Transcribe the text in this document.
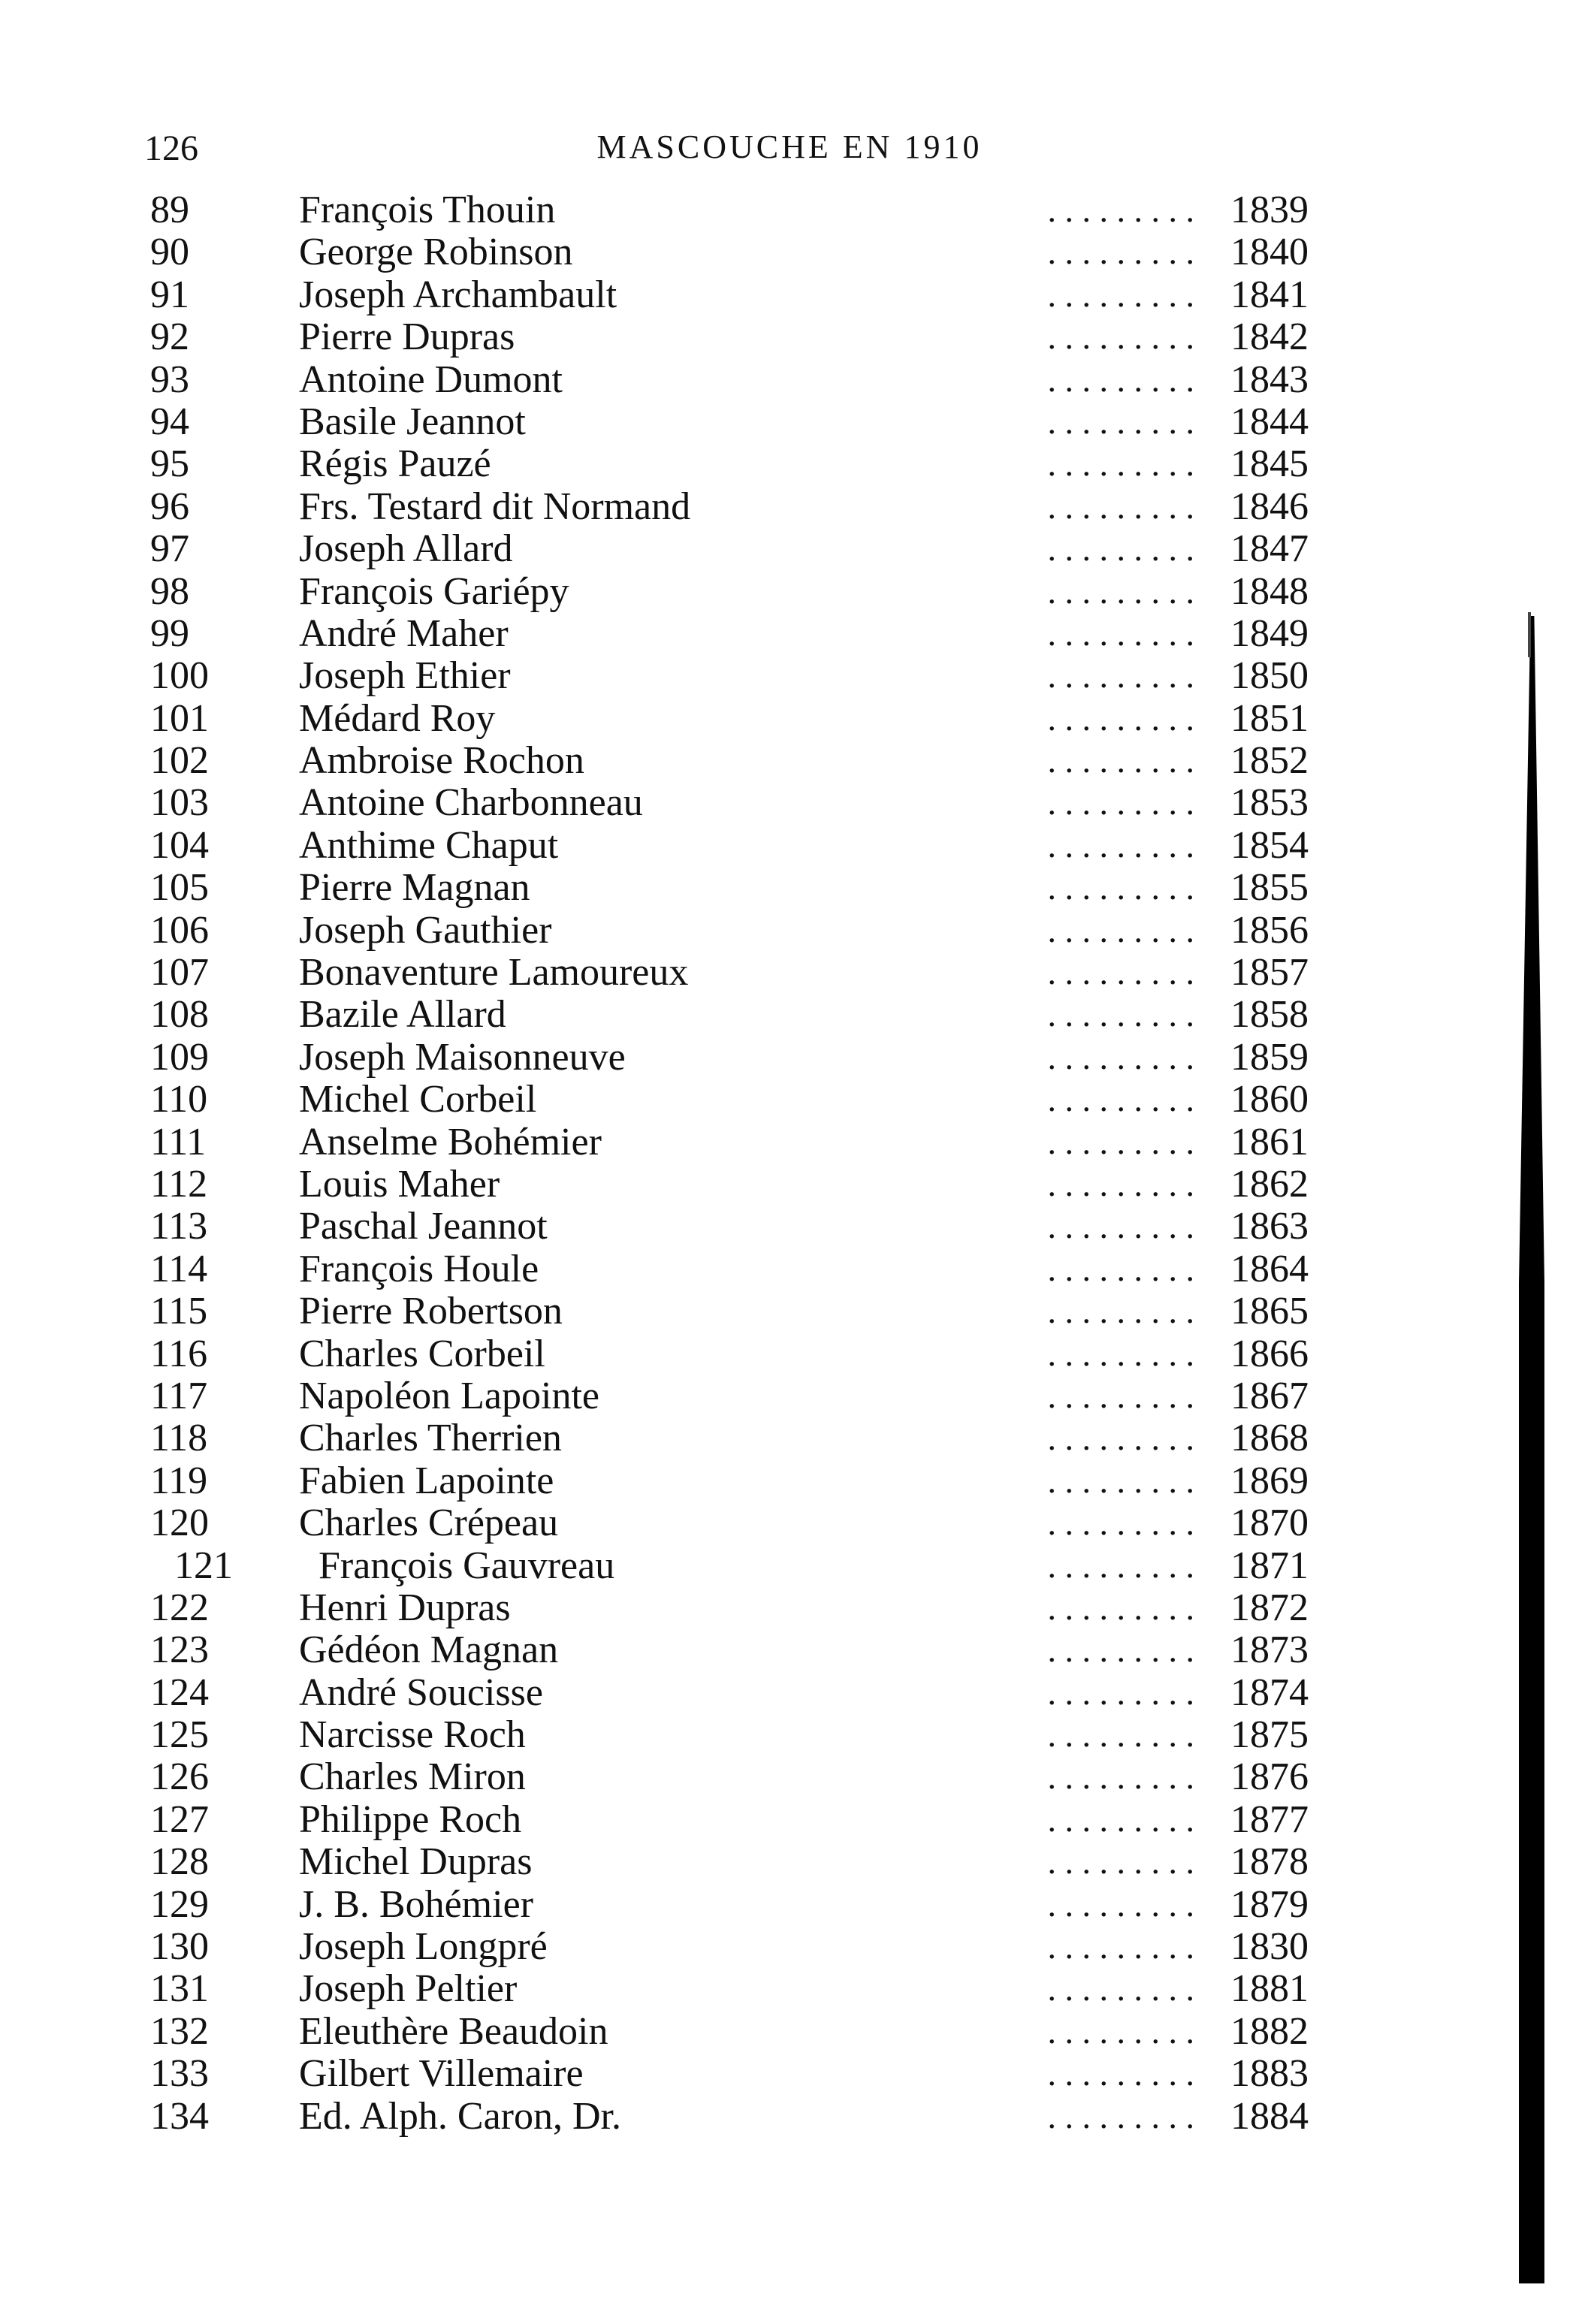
126	MASCOUCHE EN 1910
89	François Thouin	. . . . . . . . . 1839
90	George Robinson	. . . . . . . . . 1840
91	Joseph Archambault	. . . . . . . . . 1841
92	Pierre Dupras	. . . . . . . . . 1842
93	Antoine Dumont	. . . . . . . . . 1843
94	Basile Jeannot	. . . . . . . . . 1844
95	Régis Pauzé	. . . . . . . . . 1845
96	Frs. Testard dit Normand	. . . . . . . . . 1846
97	Joseph Allard	. . . . . . . . . 1847
98	François Gariépy	. . . . . . . . . 1848
99	André Maher	. . . . . . . . . 1849
100 Joseph Ethier	. . . . . . . . . 1850
101 Médard Roy	. . . . . . . . . 1851
102 Ambroise Rochon	. . . . . . . . . 1852
103 Antoine Charbonneau	. . . . . . . . . 1853
104 Anthime Chaput	. . . . . . . . . 1854
105 Pierre Magnan	. . . . . . . . . 1855
106 Joseph Gauthier	. . . . . . . . . 1856
107 Bonaventure Lamoureux	. . . . . . . . . 1857
108 Bazile Allard	. . . . . . . . . 1858
109 Joseph Maisonneuve	. . . . . . . . . 1859
110 Michel Corbeil	. . . . . . . . . 1860
111 Anselme Bohémier	. . . . . . . . . 1861
112 Louis Maher	. . . . . . . . . 1862
113 Paschal Jeannot	. . . . . . . . . 1863
114 François Houle	. . . . . . . . . 1864
115 Pierre Robertson	. . . . . . . . . 1865
116 Charles Corbeil	. . . . . . . . . 1866
117 Napoléon Lapointe	. . . . . . . . . 1867
118 Charles Therrien	. . . . . . . . . 1868
119 Fabien Lapointe	. . . . . . . . . 1869
120 Charles Crépeau	. . . . . . . . . 1870
121 François Gauvreau	. . . . . . . . . 1871
122 Henri Dupras	. . . . . . . . . 1872
123 Gédéon Magnan	. . . . . . . . . 1873
124 André Soucisse	. . . . . . . . . 1874
125 Narcisse Roch	. . . . . . . . . 1875
126 Charles Miron	. . . . . . . . . 1876
127 Philippe Roch	. . . . . . . . . 1877
128 Michel Dupras	. . . . . . . . . 1878
129 J. B. Bohémier	. . . . . . . . . 1879
130 Joseph Longpré	. . . . . . . . . 1830
131 Joseph Peltier	. . . . . . . . . 1881
132 Eleuthère Beaudoin	. . . . . . . . . 1882
133 Gilbert Villemaire	. . . . . . . . . 1883
134 Ed. Alph. Caron, Dr.	. . . . . . . . . 1884
